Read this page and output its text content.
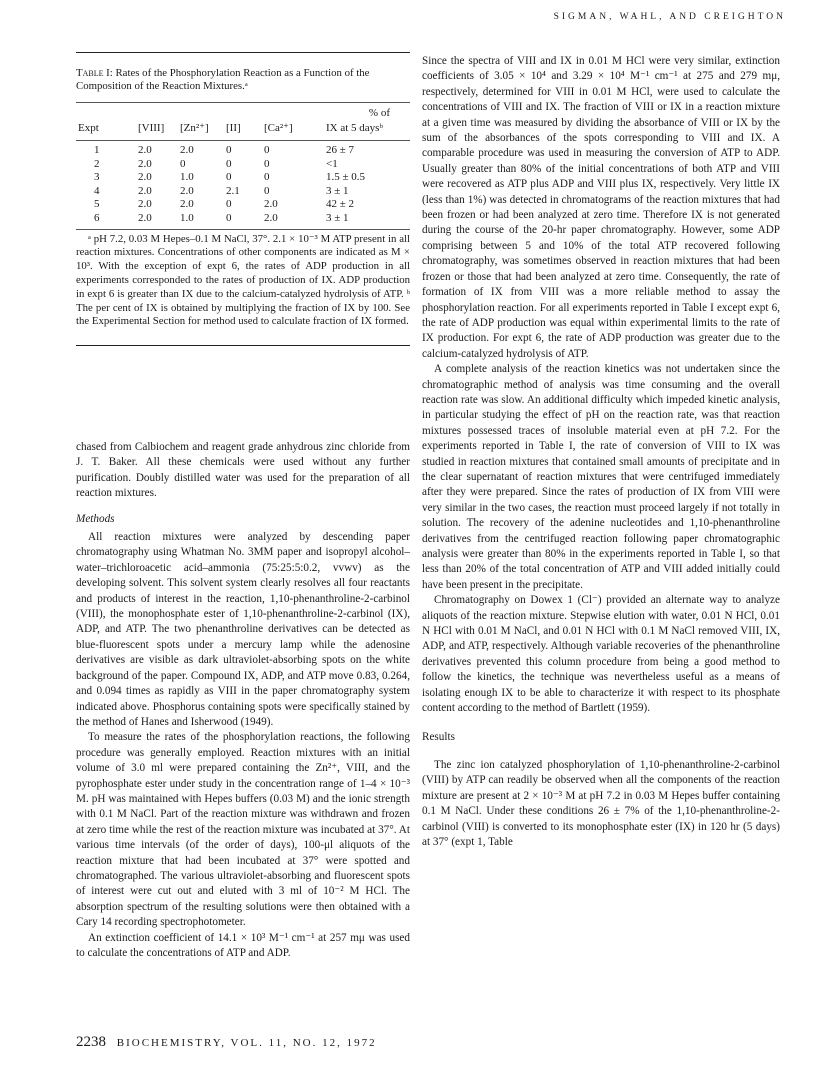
SIGMAN, WAHL, AND CREIGHTON
Table I: Rates of the Phosphorylation Reaction as a Function of the Composition of the Reaction Mixtures.ᵃ
					% of
Expt	[VIII]	[Zn²⁺]	[II]	[Ca²⁺]	IX at 5 daysᵇ

1	2.0	2.0	0	0	26 ± 7
2	2.0	0	0	0	<1
3	2.0	1.0	0	0	1.5 ± 0.5
4	2.0	2.0	2.1	0	3 ± 1
5	2.0	2.0	0	2.0	42 ± 2
6	2.0	1.0	0	2.0	3 ± 1
ᵃ pH 7.2, 0.03 M Hepes–0.1 M NaCl, 37°. 2.1 × 10⁻³ M ATP present in all reaction mixtures. Concentrations of other components are indicated as M × 10³. With the exception of expt 6, the rates of ADP production in all experiments corresponded to the rates of production of IX. ADP production in expt 6 is greater than IX due to the calcium-catalyzed hydrolysis of ATP. ᵇ The per cent of IX is obtained by multiplying the fraction of IX by 100. See the Experimental Section for method used to calculate fraction of IX formed.

chased from Calbiochem and reagent grade anhydrous zinc chloride from J. T. Baker. All these chemicals were used without any further purification. Doubly distilled water was used for the preparation of all reaction mixtures.

Methods

All reaction mixtures were analyzed by descending paper chromatography using Whatman No. 3MM paper and isopropyl alcohol–water–trichloroacetic acid–ammonia (75:25:5:0.2, vvwv) as the developing solvent. This solvent system clearly resolves all four reactants and products of interest in the reaction, 1,10-phenanthroline-2-carbinol (VIII), the monophosphate ester of 1,10-phenanthroline-2-carbinol (IX), ADP, and ATP. The two phenanthroline derivatives can be detected as blue-fluorescent spots under a mercury lamp while the adenosine derivatives are visible as dark ultraviolet-absorbing spots on the white background of the paper. Compound IX, ADP, and ATP move 0.83, 0.264, and 0.094 times as rapidly as VIII in the paper chromatography system indicated above. Phosphorus containing spots were specifically stained by the method of Hanes and Isherwood (1949).

To measure the rates of the phosphorylation reactions, the following procedure was generally employed. Reaction mixtures with an initial volume of 3.0 ml were prepared containing the Zn²⁺, VIII, and the pyrophosphate ester under study in the concentration range of 1–4 × 10⁻³ M. pH was maintained with Hepes buffers (0.03 M) and the ionic strength with 0.1 M NaCl. Part of the reaction mixture was withdrawn and frozen at zero time while the rest of the reaction mixture was incubated at 37°. At various time intervals (of the order of days), 100-μl aliquots of the reaction mixture that had been incubated at 37° were spotted and chromatographed. The various ultraviolet-absorbing and fluorescent spots of interest were cut out and eluted with 3 ml of 10⁻² M HCl. The absorption spectrum of the resulting solutions were then obtained with a Cary 14 recording spectrophotometer.

An extinction coefficient of 14.1 × 10³ M⁻¹ cm⁻¹ at 257 mμ was used to calculate the concentrations of ATP and ADP.

Since the spectra of VIII and IX in 0.01 M HCl were very similar, extinction coefficients of 3.05 × 10⁴ and 3.29 × 10⁴ M⁻¹ cm⁻¹ at 275 and 279 mμ, respectively, determined for VIII in 0.01 M HCl, were used to calculate the concentrations of VIII and IX. The fraction of VIII or IX in a reaction mixture at a given time was measured by dividing the absorbance of VIII or IX by the sum of the absorbances of the spots corresponding to VIII and IX. A comparable procedure was used in measuring the conversion of ATP to ADP. Usually greater than 80% of the initial concentrations of both ATP and VIII were recovered as ATP plus ADP and VIII plus IX, respectively. Very little IX (less than 1%) was detected in chromatograms of the reaction mixtures that had been frozen or had been analyzed at zero time. Therefore IX is not generated during the course of the 20-hr paper chromatography. However, some ADP comprising between 5 and 10% of the total ATP recovered following chromatography, was sometimes observed in reaction mixtures that had been frozen or those that had been analyzed at zero time. Consequently, the rate of formation of IX from VIII was a more reliable method to assay the phosphorylation reaction. For all experiments reported in Table I except expt 6, the rate of ADP production was equal within experimental limits to the rate of IX production. For expt 6, the rate of ADP production was greater due to the calcium-catalyzed hydrolysis of ATP.

A complete analysis of the reaction kinetics was not undertaken since the chromatographic method of analysis was time consuming and the overall reaction rate was slow. An additional difficulty which impeded kinetic analysis, in particular studying the effect of pH on the reaction rate, was that reaction mixtures possessed traces of insoluble material even at pH 7.2. For the experiments reported in Table I, the rate of conversion of VIII to IX was studied in reaction mixtures that contained small amounts of precipitate and in the clear supernatant of reaction mixtures that were centrifuged immediately after they were prepared. Since the rates of production of IX from VIII were very similar in the two cases, the reaction must proceed largely if not totally in solution. The recovery of the adenine nucleotides and 1,10-phenanthroline derivatives from the centrifuged reaction following paper chromatographic analysis were greater than 80% in the experiments reported in Table I, so that less than 20% of the total concentration of ATP and VIII added initially could have been present in the precipitate.

Chromatography on Dowex 1 (Cl⁻) provided an alternate way to analyze aliquots of the reaction mixture. Stepwise elution with water, 0.01 N HCl, 0.01 N HCl with 0.01 M NaCl, and 0.01 N HCl with 0.1 M NaCl removed VIII, IX, ADP, and ATP, respectively. Although variable recoveries of the phenanthroline derivatives prevented this column procedure from being a good method to follow the kinetics, the technique was nevertheless useful as a means of isolating enough IX to be able to characterize it with respect to its phosphate content according to the method of Bartlett (1959).

Results

The zinc ion catalyzed phosphorylation of 1,10-phenanthroline-2-carbinol (VIII) by ATP can readily be observed when all the components of the reaction mixture are present at 2 × 10⁻³ M at pH 7.2 in 0.03 M Hepes buffer containing 0.1 M NaCl. Under these conditions 26 ± 7% of the 1,10-phenanthroline-2-carbinol (VIII) is converted to its monophosphate ester (IX) in 120 hr (5 days) at 37° (expt 1, Table

2238 BIOCHEMISTRY, VOL. 11, NO. 12, 1972
